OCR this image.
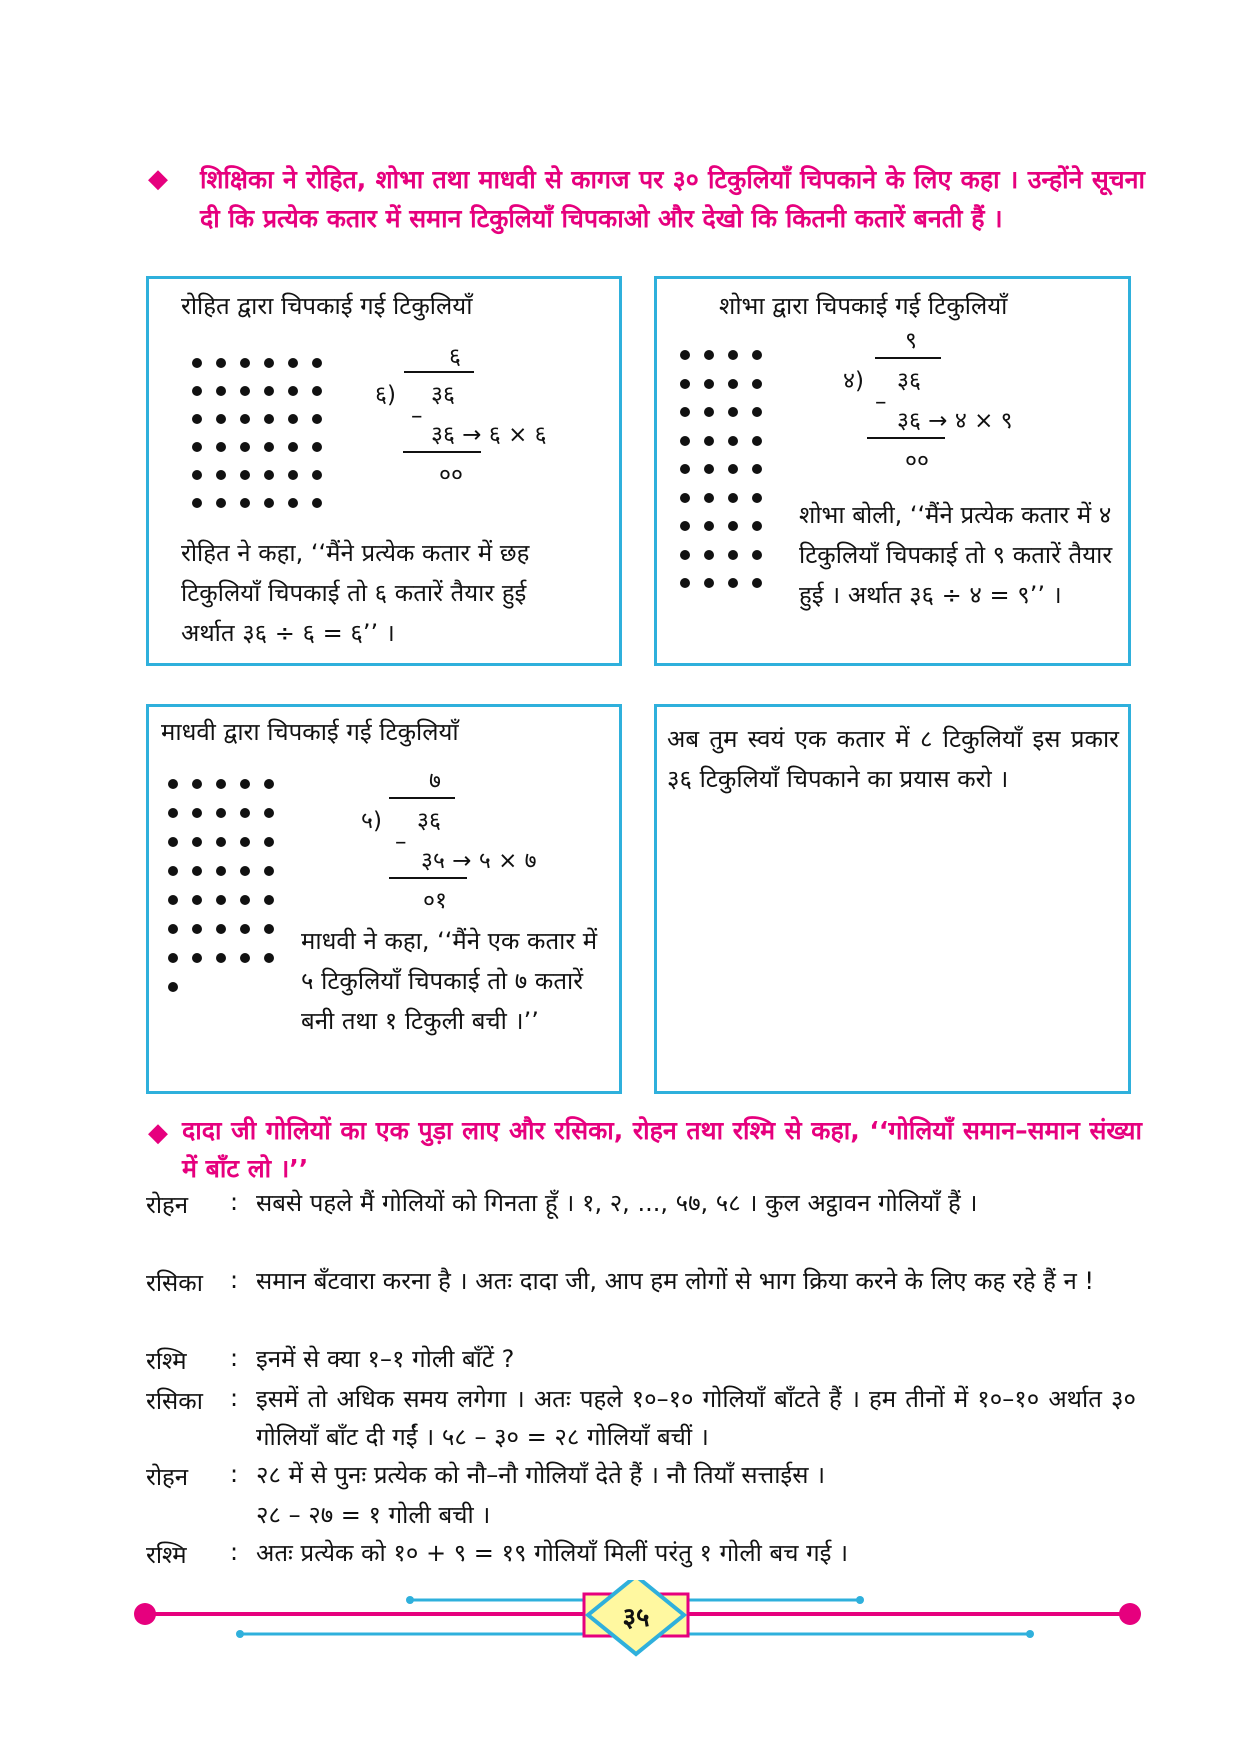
◆ शिक्षिका ने रोहित, शोभा तथा माधवी से कागज पर ३० टिकुलियाँ चिपकाने के लिए कहा । उन्होंने सूचना दी कि प्रत्येक कतार में समान टिकुलियाँ चिपकाओ और देखो कि कितनी कतारें बनती हैं ।
रोहित द्वारा चिपकाई गई टिकुलियाँ
६
६) ३६
–
३६ → ६ × ६
००
रोहित ने कहा, ‘‘मैंने प्रत्येक कतार में छह टिकुलियाँ चिपकाई तो ६ कतारें तैयार हुई अर्थात ३६ ÷ ६ = ६’’ ।
शोभा द्वारा चिपकाई गई टिकुलियाँ
९
४) ३६
–
३६ → ४ × ९
००
शोभा बोली, ‘‘मैंने प्रत्येक कतार में ४ टिकुलियाँ चिपकाई तो ९ कतारें तैयार हुई । अर्थात ३६ ÷ ४ = ९’’ ।
माधवी द्वारा चिपकाई गई टिकुलियाँ
७
५) ३६
–
३५ → ५ × ७
०१
माधवी ने कहा, ‘‘मैंने एक कतार में ५ टिकुलियाँ चिपकाई तो ७ कतारें बनी तथा १ टिकुली बची ।’’
अब तुम स्वयं एक कतार में ८ टिकुलियाँ इस प्रकार ३६ टिकुलियाँ चिपकाने का प्रयास करो ।
◆ दादा जी गोलियों का एक पुड़ा लाए और रसिका, रोहन तथा रश्मि से कहा, ‘‘गोलियाँ समान–समान संख्या में बाँट लो ।’’
रोहन : सबसे पहले मैं गोलियों को गिनता हूँ । १, २, ..., ५७, ५८ । कुल अट्ठावन गोलियाँ हैं ।
रसिका : समान बँटवारा करना है । अतः दादा जी, आप हम लोगों से भाग क्रिया करने के लिए कह रहे हैं न !
रश्मि : इनमें से क्या १–१ गोली बाँटें ?
रसिका : इसमें तो अधिक समय लगेगा । अतः पहले १०–१० गोलियाँ बाँटते हैं । हम तीनों में १०–१० अर्थात ३० गोलियाँ बाँट दी गईं । ५८ – ३० = २८ गोलियाँ बचीं ।
रोहन : २८ में से पुनः प्रत्येक को नौ–नौ गोलियाँ देते हैं । नौ तियाँ सत्ताईस ।
२८ – २७ = १ गोली बची ।
रश्मि : अतः प्रत्येक को १० + ९ = १९ गोलियाँ मिलीं परंतु १ गोली बच गई ।
३५
